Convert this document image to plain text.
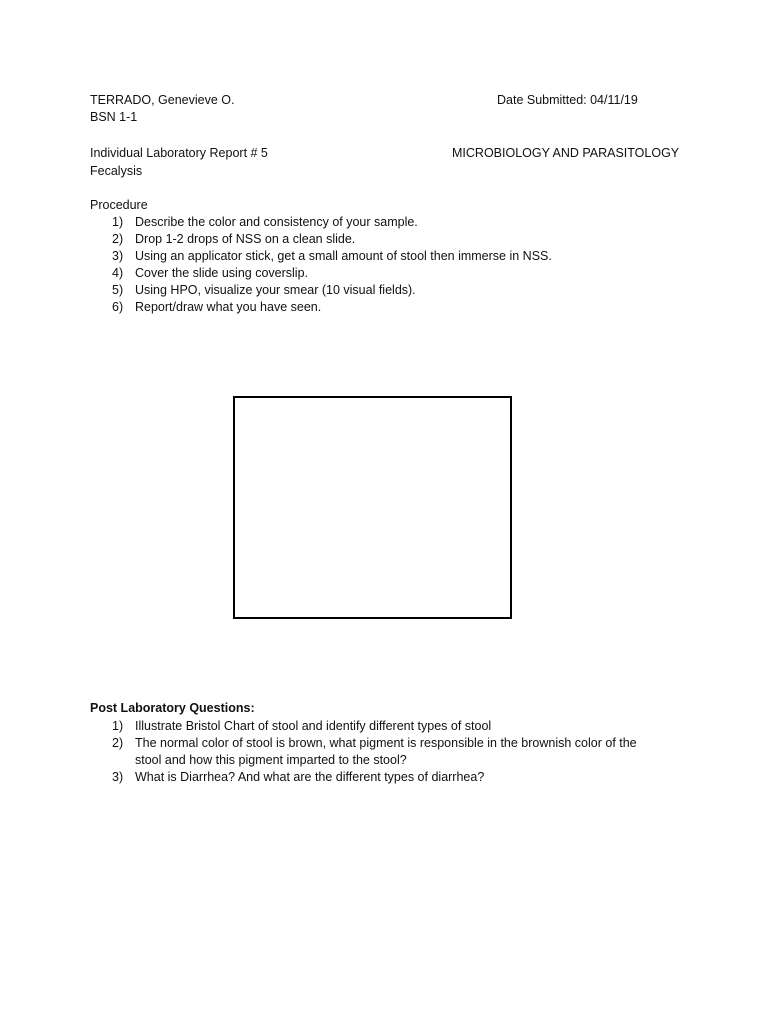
TERRADO, Genevieve O.	Date Submitted: 04/11/19
BSN 1-1
Individual Laboratory Report # 5	MICROBIOLOGY AND PARASITOLOGY
Fecalysis
Procedure
1) Describe the color and consistency of your sample.
2) Drop 1-2 drops of NSS on a clean slide.
3) Using an applicator stick, get a small amount of stool then immerse in NSS.
4) Cover the slide using coverslip.
5) Using HPO, visualize your smear (10 visual fields).
6) Report/draw what you have seen.
Post Laboratory Questions:
1) Illustrate Bristol Chart of stool and identify different types of stool
2) The normal color of stool is brown, what pigment is responsible in the brownish color of the
stool and how this pigment imparted to the stool?
3) What is Diarrhea? And what are the different types of diarrhea?
